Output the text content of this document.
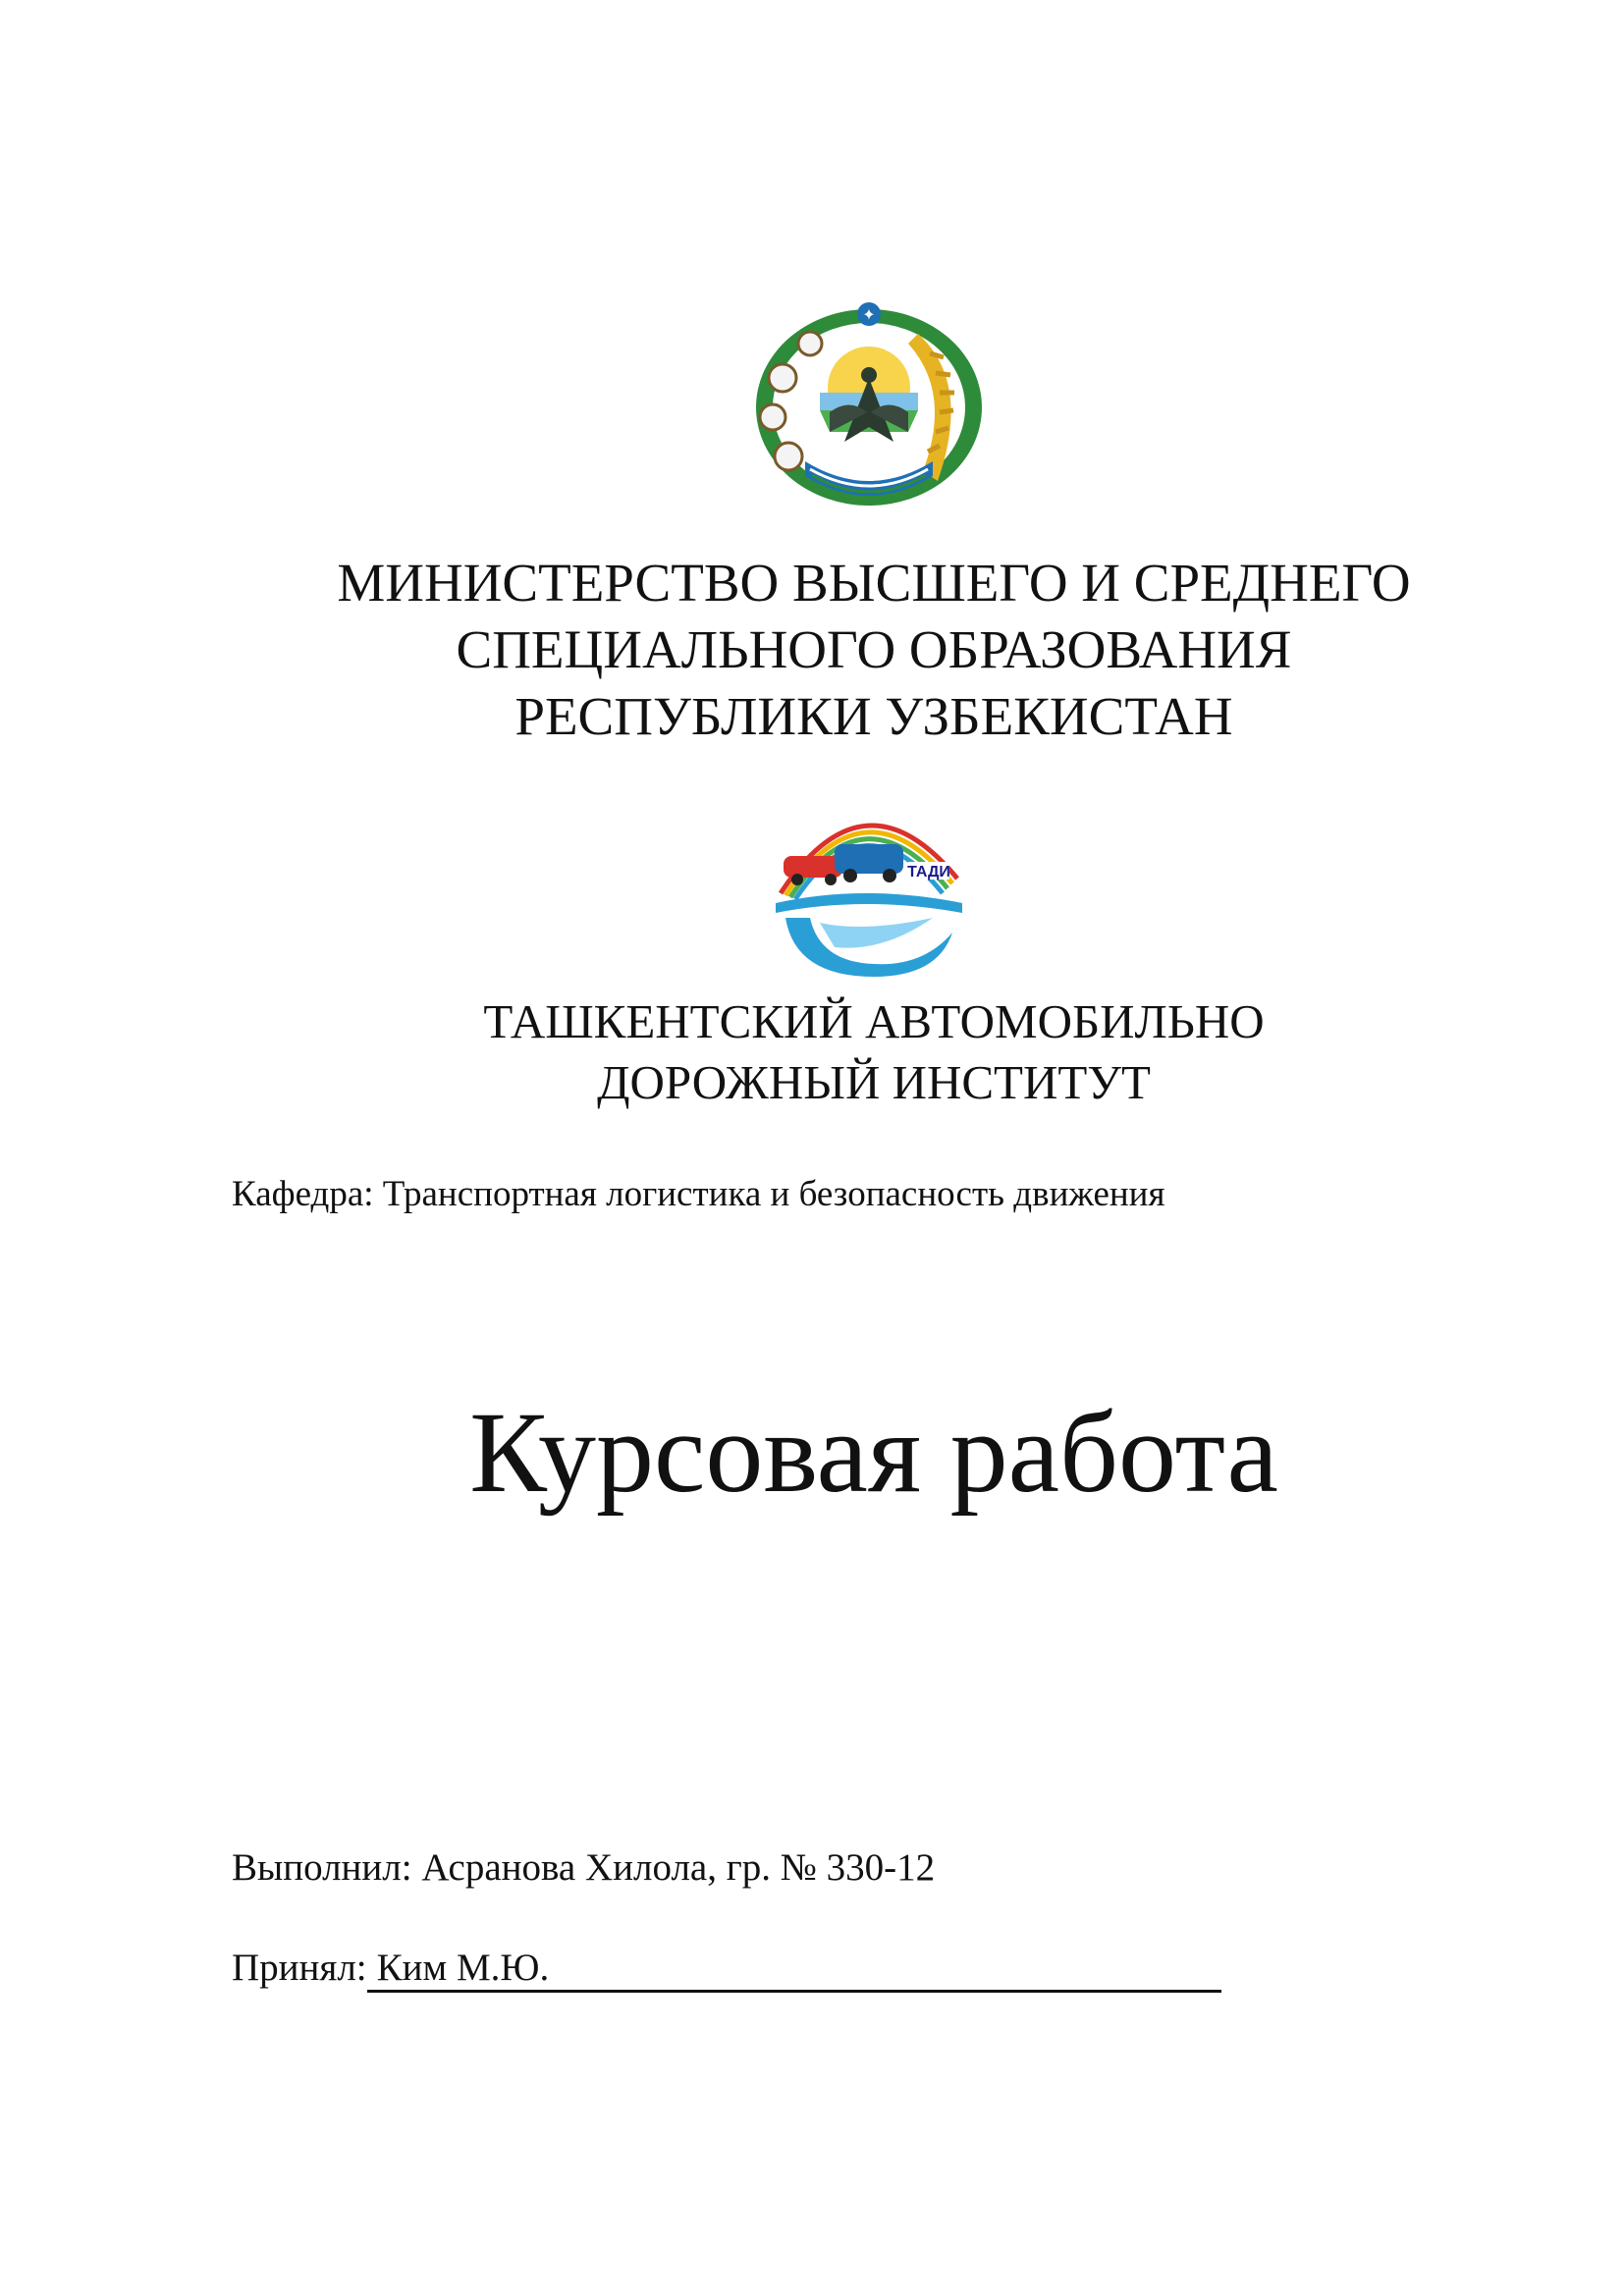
✦
МИНИСТЕРСТВО ВЫСШЕГО И СРЕДНЕГО
СПЕЦИАЛЬНОГО ОБРАЗОВАНИЯ
РЕСПУБЛИКИ УЗБЕКИСТАН
ТАДИ
ТАШКЕНТСКИЙ АВТОМОБИЛЬНО
ДОРОЖНЫЙ ИНСТИТУТ
Кафедра: Транспортная логистика и безопасность движения
Курсовая работа
Выполнил: Асранова Хилола, гр. № 330-12
Принял: Ким М.Ю.
